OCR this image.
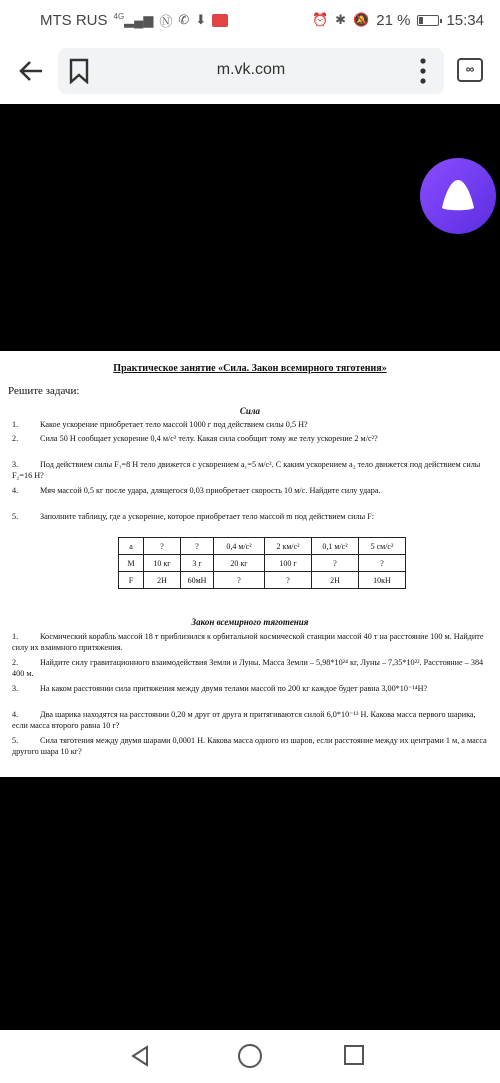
MTS RUS $^{4G}$▂▄▆ Ⓝ ✆ ⬇	⏰ ✱ 🔕 21 % 15:34
m.vk.com	∞
Практическое занятие «Сила. Закон всемирного тяготения»
Решите задачи:
Сила
1.	Какое ускорение приобретает тело массой 1000 г под действием силы 0,5 Н?
2.	Сила 50 Н сообщает ускорение 0,4 м/с² телу. Какая сила сообщит тому же телу ускорение 2 м/с²?
3.	Под действием силы F₁=8 Н тело движется с ускорением a₁=5 м/с². С каким ускорением a₂ тело движется под действием силы F₂=16 Н?
4.	Мяч массой 0,5 кг после удара, длящегося 0,03 приобретает скорость 10 м/с. Найдите силу удара.
5.	Заполните таблицу, где a ускорение, которое приобретает тело массой m под действием силы F:
a	?	?	0,4 м/с²	2 км/с²	0,1 м/с²	5 см/с²
M	10 кг	3 г	20 кг	100 г	?	?
F	2Н	60мН	?	?	2Н	10кН
Закон всемирного тяготения
1.	Космический корабль массой 18 т приблизился к орбитальной космической станции массой 40 т на расстояние 100 м. Найдите силу их взаимного притяжения.
2.	Найдите силу гравитационного взаимодействия Земли и Луны. Масса Земли – 5,98*10²⁴ кг, Луны – 7,35*10²². Расстояние – 384 400 м.
3.	На каком расстоянии сила притяжения между двумя телами массой по 200 кг каждое будет равна 3,00*10⁻¹⁴Н?
4.	Два шарика находятся на расстоянии 0,20 м друг от друга и притягиваются силой 6,0*10⁻¹³ Н. Какова масса первого шарика, если масса второго равна 10 г?
5.	Сила тяготения между двумя шарами 0,0001 Н. Какова масса одного из шаров, если расстояние между их центрами 1 м, а масса другого шара 10 кг?
